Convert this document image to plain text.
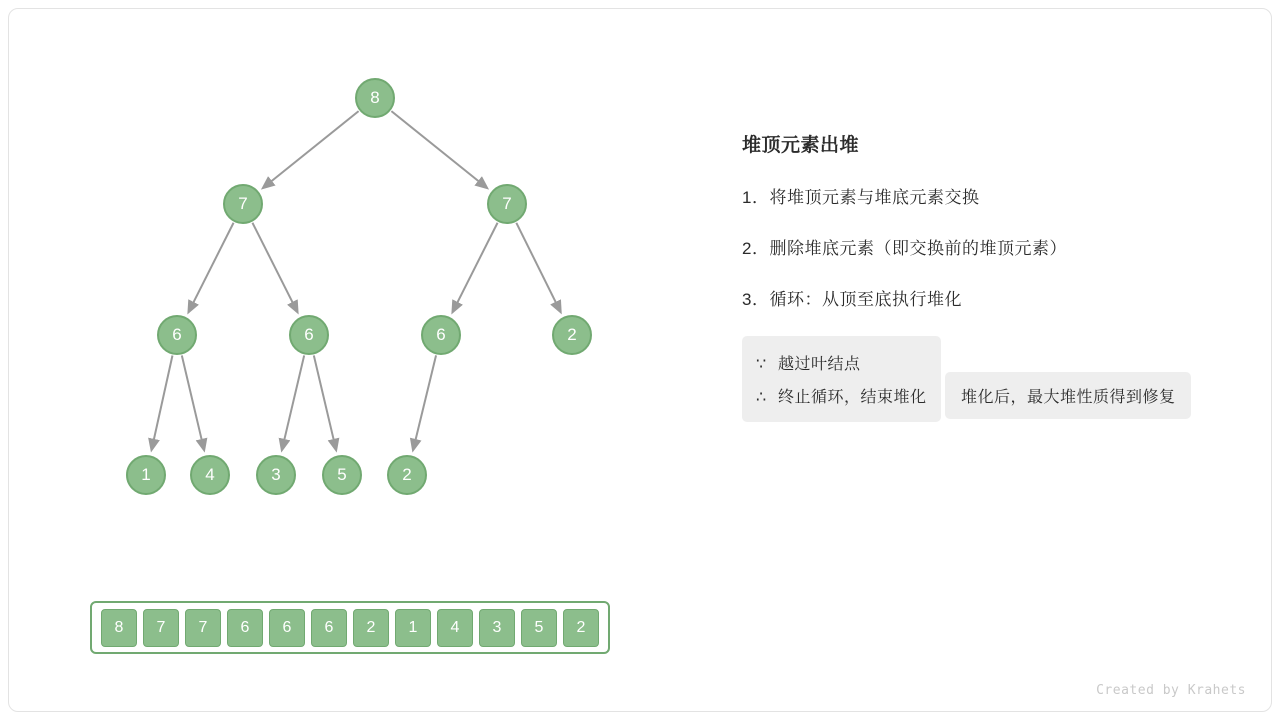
8
7	7
6	6	6	2
1	4	3	5	2
8	7	7	6	6	6	2	1	4	3	5	2
堆顶元素出堆
1．将堆顶元素与堆底元素交换
2．删除堆底元素（即交换前的堆顶元素）
3．循环：从顶至底执行堆化
∵ 越过叶结点
∴ 终止循环，结束堆化
堆化后，最大堆性质得到修复
Created by Krahets
